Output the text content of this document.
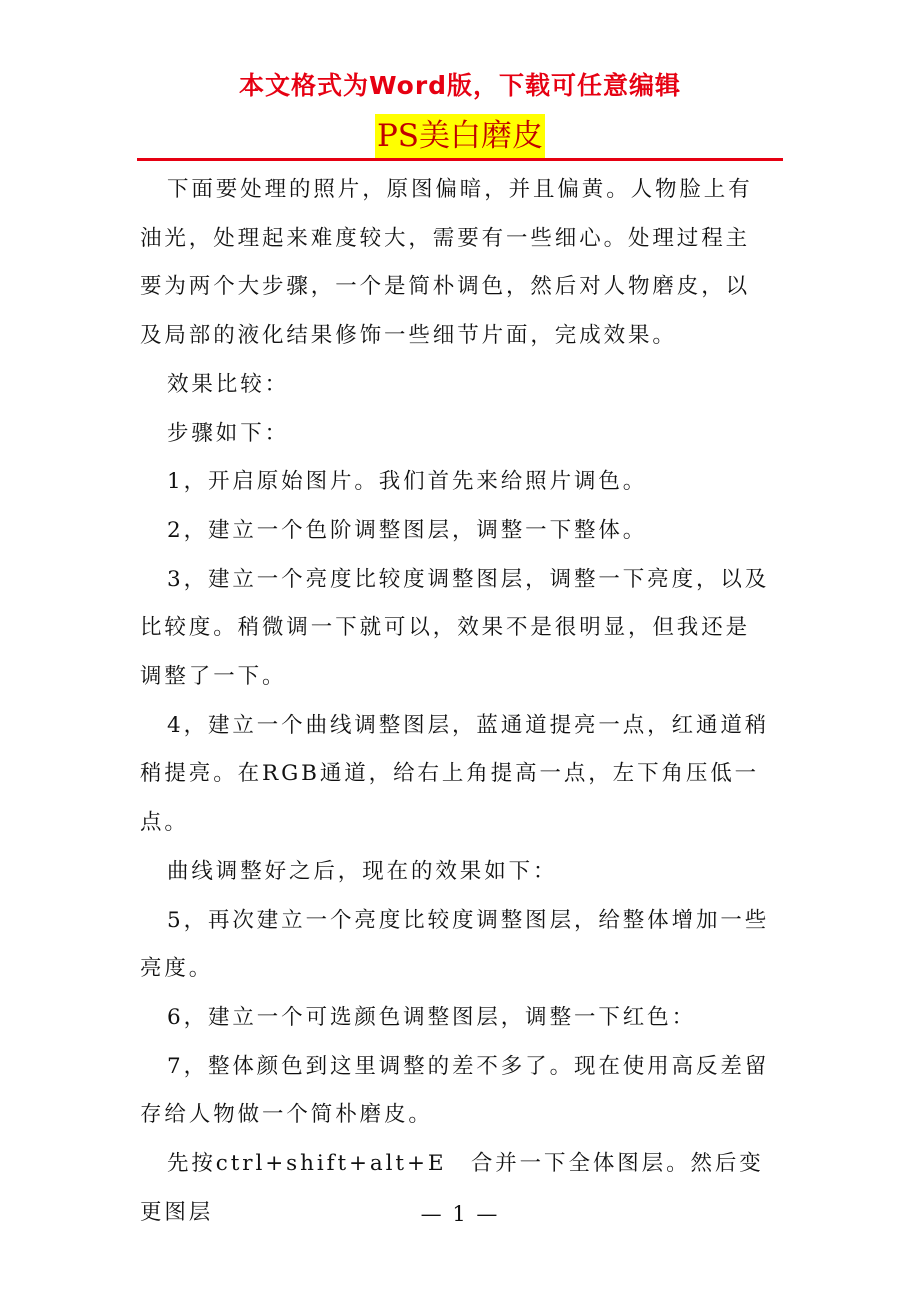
本文格式为Word版，下载可任意编辑
PS美白磨皮

下面要处理的照片，原图偏暗，并且偏黄。人物脸上有油光，处理起来难度较大，需要有一些细心。处理过程主要为两个大步骤，一个是简朴调色，然后对人物磨皮，以及局部的液化结果修饰一些细节片面，完成效果。

效果比较：

步骤如下：

1，开启原始图片。我们首先来给照片调色。

2，建立一个色阶调整图层，调整一下整体。

3，建立一个亮度比较度调整图层，调整一下亮度，以及比较度。稍微调一下就可以，效果不是很明显，但我还是调整了一下。

4，建立一个曲线调整图层，蓝通道提亮一点，红通道稍稍提亮。在RGB通道，给右上角提高一点，左下角压低一点。

曲线调整好之后，现在的效果如下：

5，再次建立一个亮度比较度调整图层，给整体增加一些亮度。

6，建立一个可选颜色调整图层，调整一下红色：

7，整体颜色到这里调整的差不多了。现在使用高反差留存给人物做一个简朴磨皮。

先按ctrl+shift+alt+E　合并一下全体图层。然后变更图层	— 1 —
